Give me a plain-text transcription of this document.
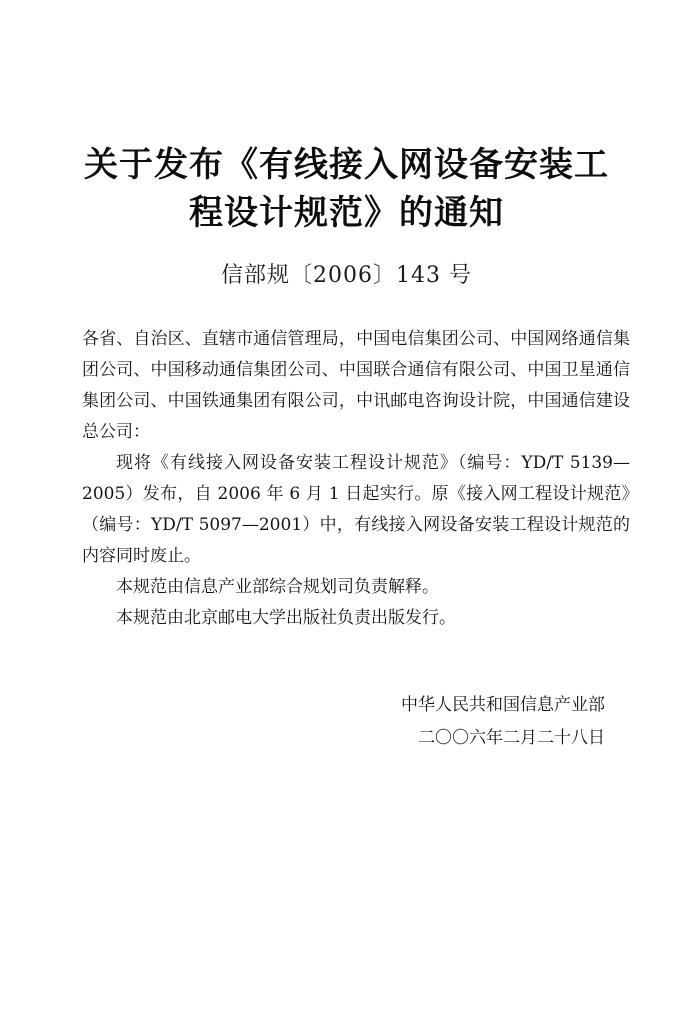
关于发布《有线接入网设备安装工
程设计规范》的通知
信部规〔2006〕143 号
各省、自治区、直辖市通信管理局，中国电信集团公司、中国网络通信集团公司、中国移动通信集团公司、中国联合通信有限公司、中国卫星通信集团公司、中国铁通集团有限公司，中讯邮电咨询设计院，中国通信建设总公司：
现将《有线接入网设备安装工程设计规范》（编号：YD/T 5139—2005）发布，自 2006 年 6 月 1 日起实行。原《接入网工程设计规范》（编号：YD/T 5097—2001）中，有线接入网设备安装工程设计规范的内容同时废止。
本规范由信息产业部综合规划司负责解释。
本规范由北京邮电大学出版社负责出版发行。
中华人民共和国信息产业部
二〇〇六年二月二十八日
